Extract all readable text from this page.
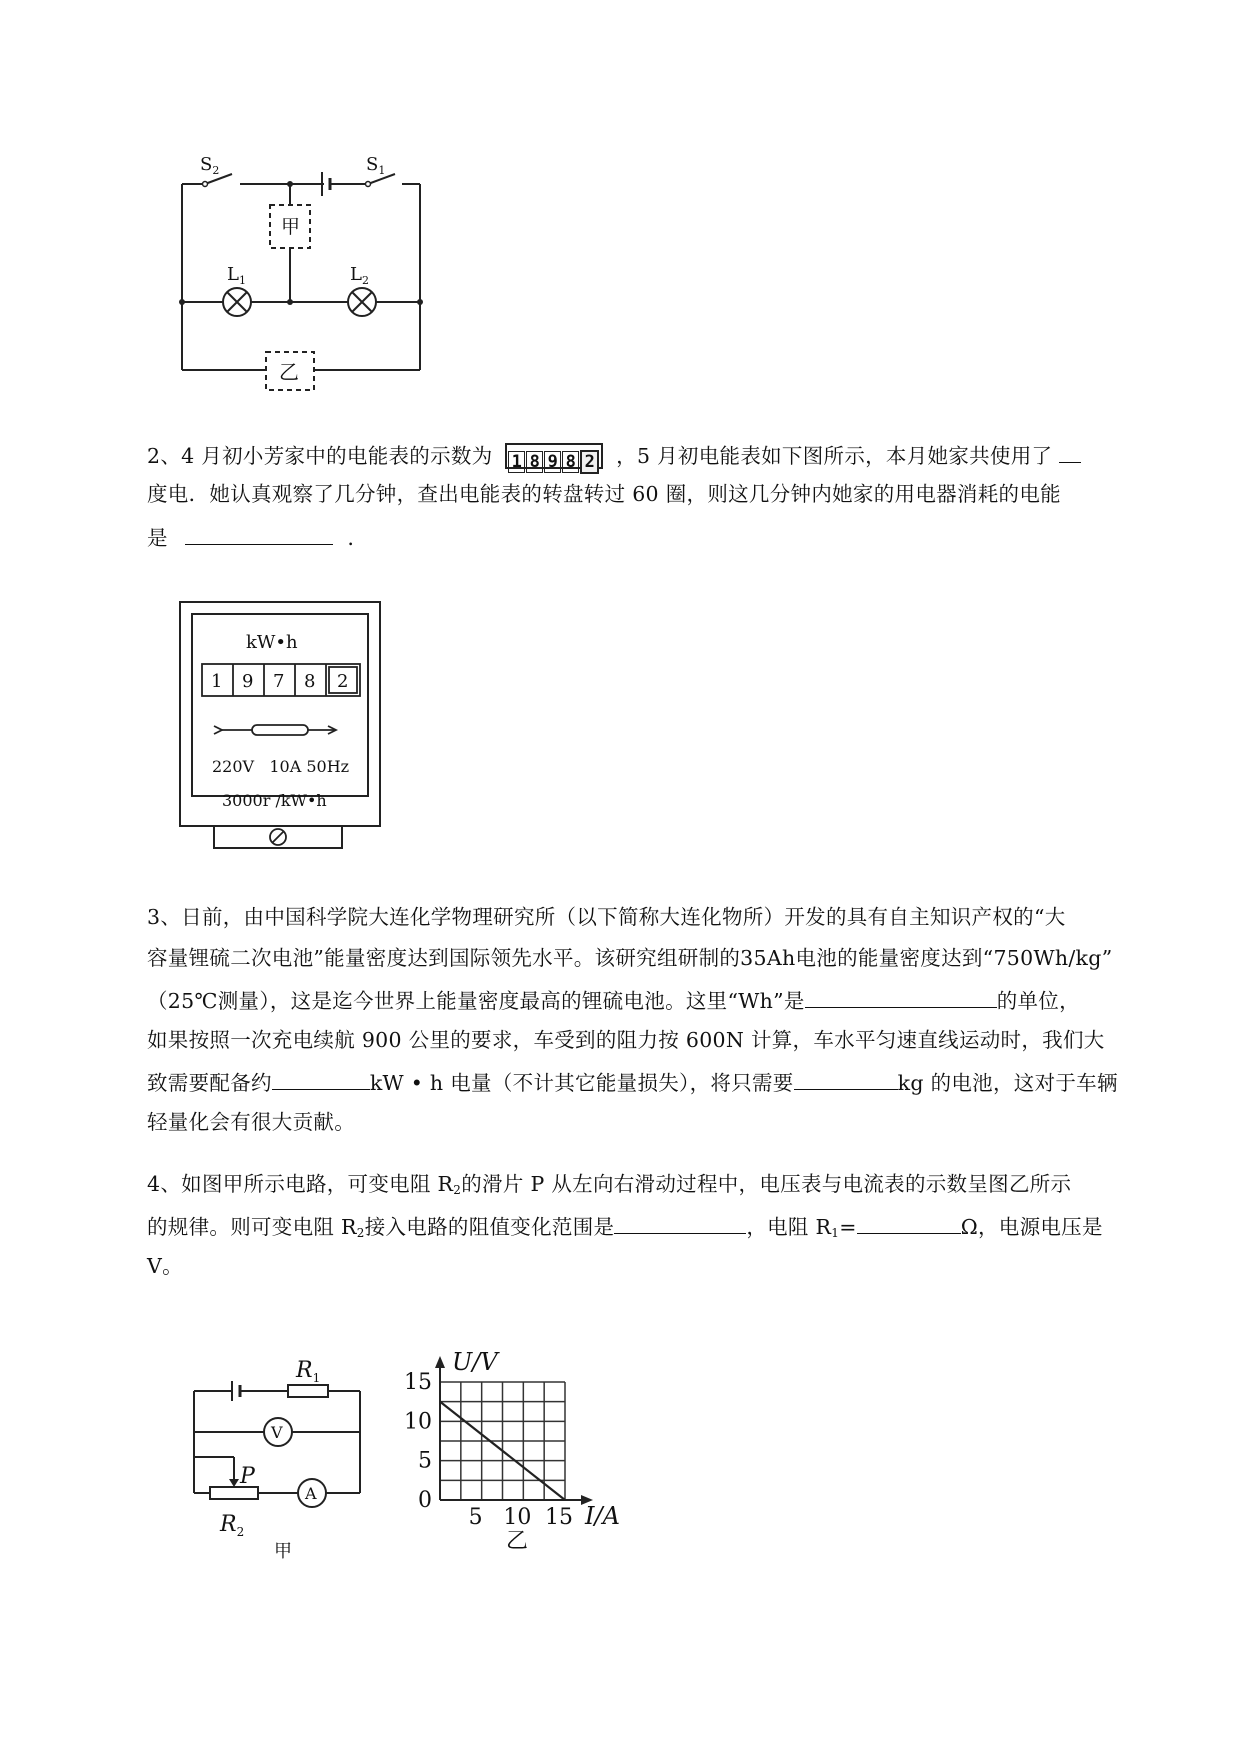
$S_2$	$S_1$
$L_1$	$L_2$
甲
乙
2、4 月初小芳家中的电能表的示数为 1 8 9 8 2 ，5 月初电能表如下图所示，本月她家共使用了
度电．她认真观察了几分钟，查出电能表的转盘转过 60 圈，则这几分钟内她家的用电器消耗的电能
是	．
kW•h
1 9 7 8 2
220V   10A 50Hz
3000r /kW•h
3、日前，由中国科学院大连化学物理研究所（以下简称大连化物所）开发的具有自主知识产权的“大
容量锂硫二次电池”能量密度达到国际领先水平。该研究组研制的35Ah电池的能量密度达到“750Wh/kg”
（25℃测量），这是迄今世界上能量密度最高的锂硫电池。这里“Wh”是	的单位，
如果按照一次充电续航 900 公里的要求，车受到的阻力按 600N 计算，车水平匀速直线运动时，我们大
致需要配备约	kW • h 电量（不计其它能量损失），将只需要	kg 的电池，这对于车辆
轻量化会有很大贡献。
4、如图甲所示电路，可变电阻 $R_2$的滑片 P 从左向右滑动过程中，电压表与电流表的示数呈图乙所示
的规律。则可变电阻 $R_2$接入电路的阻值变化范围是	，电阻 $R_1=$	Ω，电源电压是
V。
$R_1$
$R_2$
P
V
A
甲
0
5
10
15
5 10 15
U/V
I/A
乙
